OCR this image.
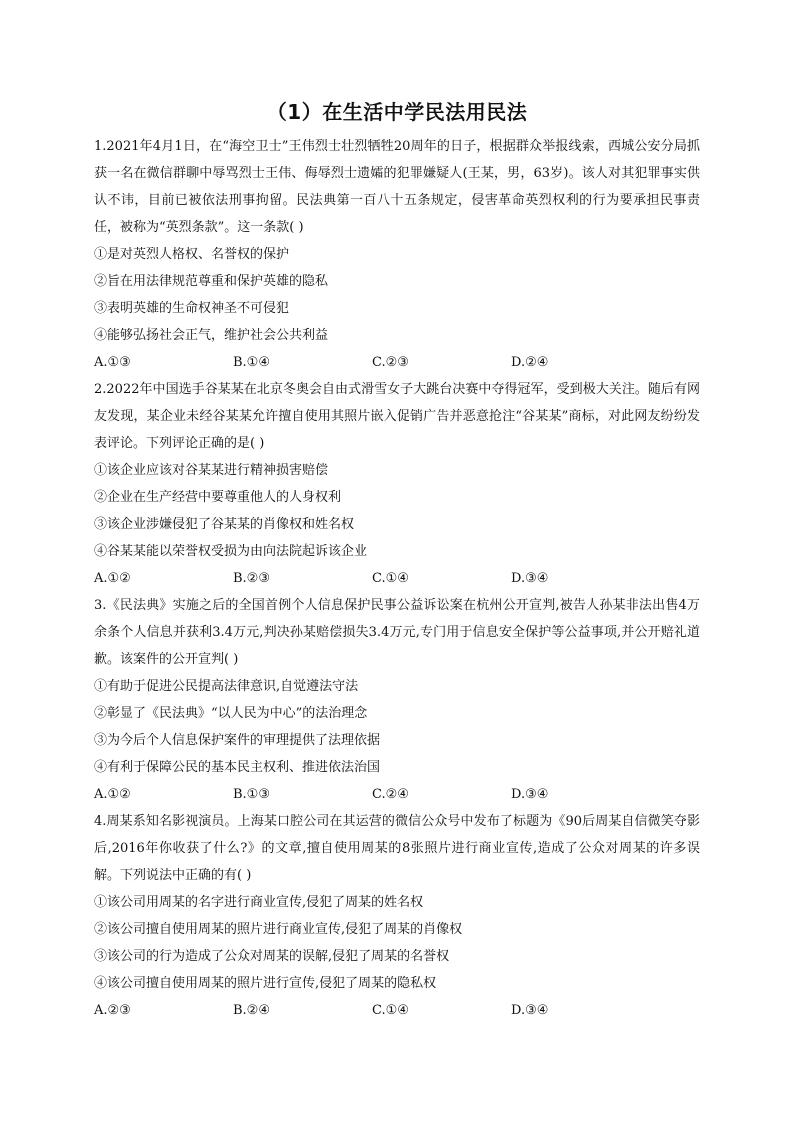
（1）在生活中学民法用民法

1.2021年4月1日，在“海空卫士”王伟烈士壮烈牺牲20周年的日子，根据群众举报线索，西城公安分局抓获一名在微信群聊中辱骂烈士王伟、侮辱烈士遗孀的犯罪嫌疑人(王某，男，63岁)。该人对其犯罪事实供认不讳，目前已被依法刑事拘留。民法典第一百八十五条规定，侵害革命英烈权利的行为要承担民事责任，被称为“英烈条款”。这一条款( )

①是对英烈人格权、名誉权的保护

②旨在用法律规范尊重和保护英雄的隐私

③表明英雄的生命权神圣不可侵犯

④能够弘扬社会正气，维护社会公共利益

A.①③	B.①④	C.②③	D.②④

2.2022年中国选手谷某某在北京冬奥会自由式滑雪女子大跳台决赛中夺得冠军，受到极大关注。随后有网友发现，某企业未经谷某某允许擅自使用其照片嵌入促销广告并恶意抢注“谷某某”商标，对此网友纷纷发表评论。下列评论正确的是( )

①该企业应该对谷某某进行精神损害赔偿

②企业在生产经营中要尊重他人的人身权利

③该企业涉嫌侵犯了谷某某的肖像权和姓名权

④谷某某能以荣誉权受损为由向法院起诉该企业

A.①②	B.②③	C.①④	D.③④

3.《民法典》实施之后的全国首例个人信息保护民事公益诉讼案在杭州公开宣判,被告人孙某非法出售4万余条个人信息并获利3.4万元,判决孙某赔偿损失3.4万元,专门用于信息安全保护等公益事项,并公开赔礼道歉。该案件的公开宣判( )

①有助于促进公民提高法律意识,自觉遵法守法

②彰显了《民法典》“以人民为中心”的法治理念

③为今后个人信息保护案件的审理提供了法理依据

④有利于保障公民的基本民主权利、推进依法治国

A.①②	B.①③	C.②④	D.③④

4.周某系知名影视演员。上海某口腔公司在其运营的微信公众号中发布了标题为《90后周某自信微笑夺影后,2016年你收获了什么?》的文章,擅自使用周某的8张照片进行商业宣传,造成了公众对周某的许多误解。下列说法中正确的有( )

①该公司用周某的名字进行商业宣传,侵犯了周某的姓名权

②该公司擅自使用周某的照片进行商业宣传,侵犯了周某的肖像权

③该公司的行为造成了公众对周某的误解,侵犯了周某的名誉权

④该公司擅自使用周某的照片进行宣传,侵犯了周某的隐私权

A.②③	B.②④	C.①④	D.③④
